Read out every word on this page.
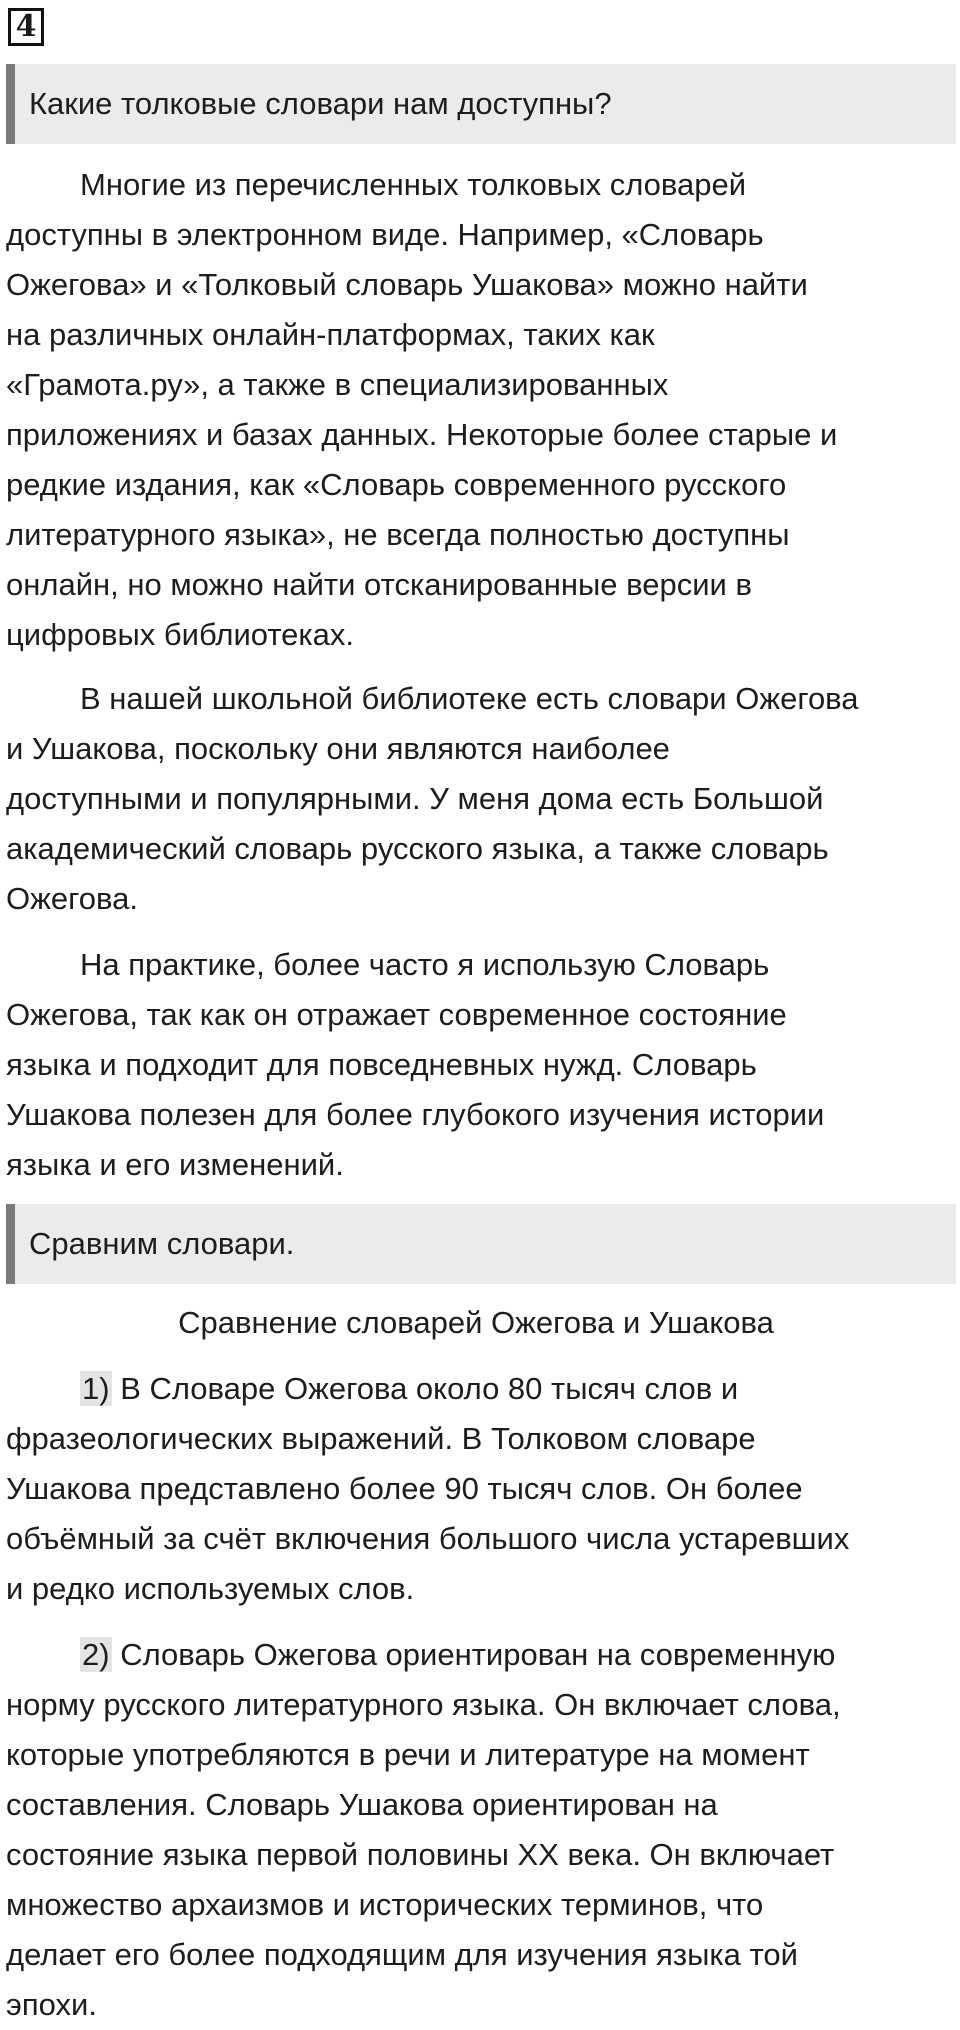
4
Какие толковые словари нам доступны?
Многие из перечисленных толковых словарей
доступны в электронном виде. Например, «Словарь
Ожегова» и «Толковый словарь Ушакова» можно найти
на различных онлайн-платформах, таких как
«Грамота.ру», а также в специализированных
приложениях и базах данных. Некоторые более старые и
редкие издания, как «Словарь современного русского
литературного языка», не всегда полностью доступны
онлайн, но можно найти отсканированные версии в
цифровых библиотеках.
В нашей школьной библиотеке есть словари Ожегова
и Ушакова, поскольку они являются наиболее
доступными и популярными. У меня дома есть Большой
академический словарь русского языка, а также словарь
Ожегова.
На практике, более часто я использую Словарь
Ожегова, так как он отражает современное состояние
языка и подходит для повседневных нужд. Словарь
Ушакова полезен для более глубокого изучения истории
языка и его изменений.
Сравним словари.
Сравнение словарей Ожегова и Ушакова
1) В Словаре Ожегова около 80 тысяч слов и
фразеологических выражений. В Толковом словаре
Ушакова представлено более 90 тысяч слов. Он более
объёмный за счёт включения большого числа устаревших
и редко используемых слов.
2) Словарь Ожегова ориентирован на современную
норму русского литературного языка. Он включает слова,
которые употребляются в речи и литературе на момент
составления. Словарь Ушакова ориентирован на
состояние языка первой половины XX века. Он включает
множество архаизмов и исторических терминов, что
делает его более подходящим для изучения языка той
эпохи.
